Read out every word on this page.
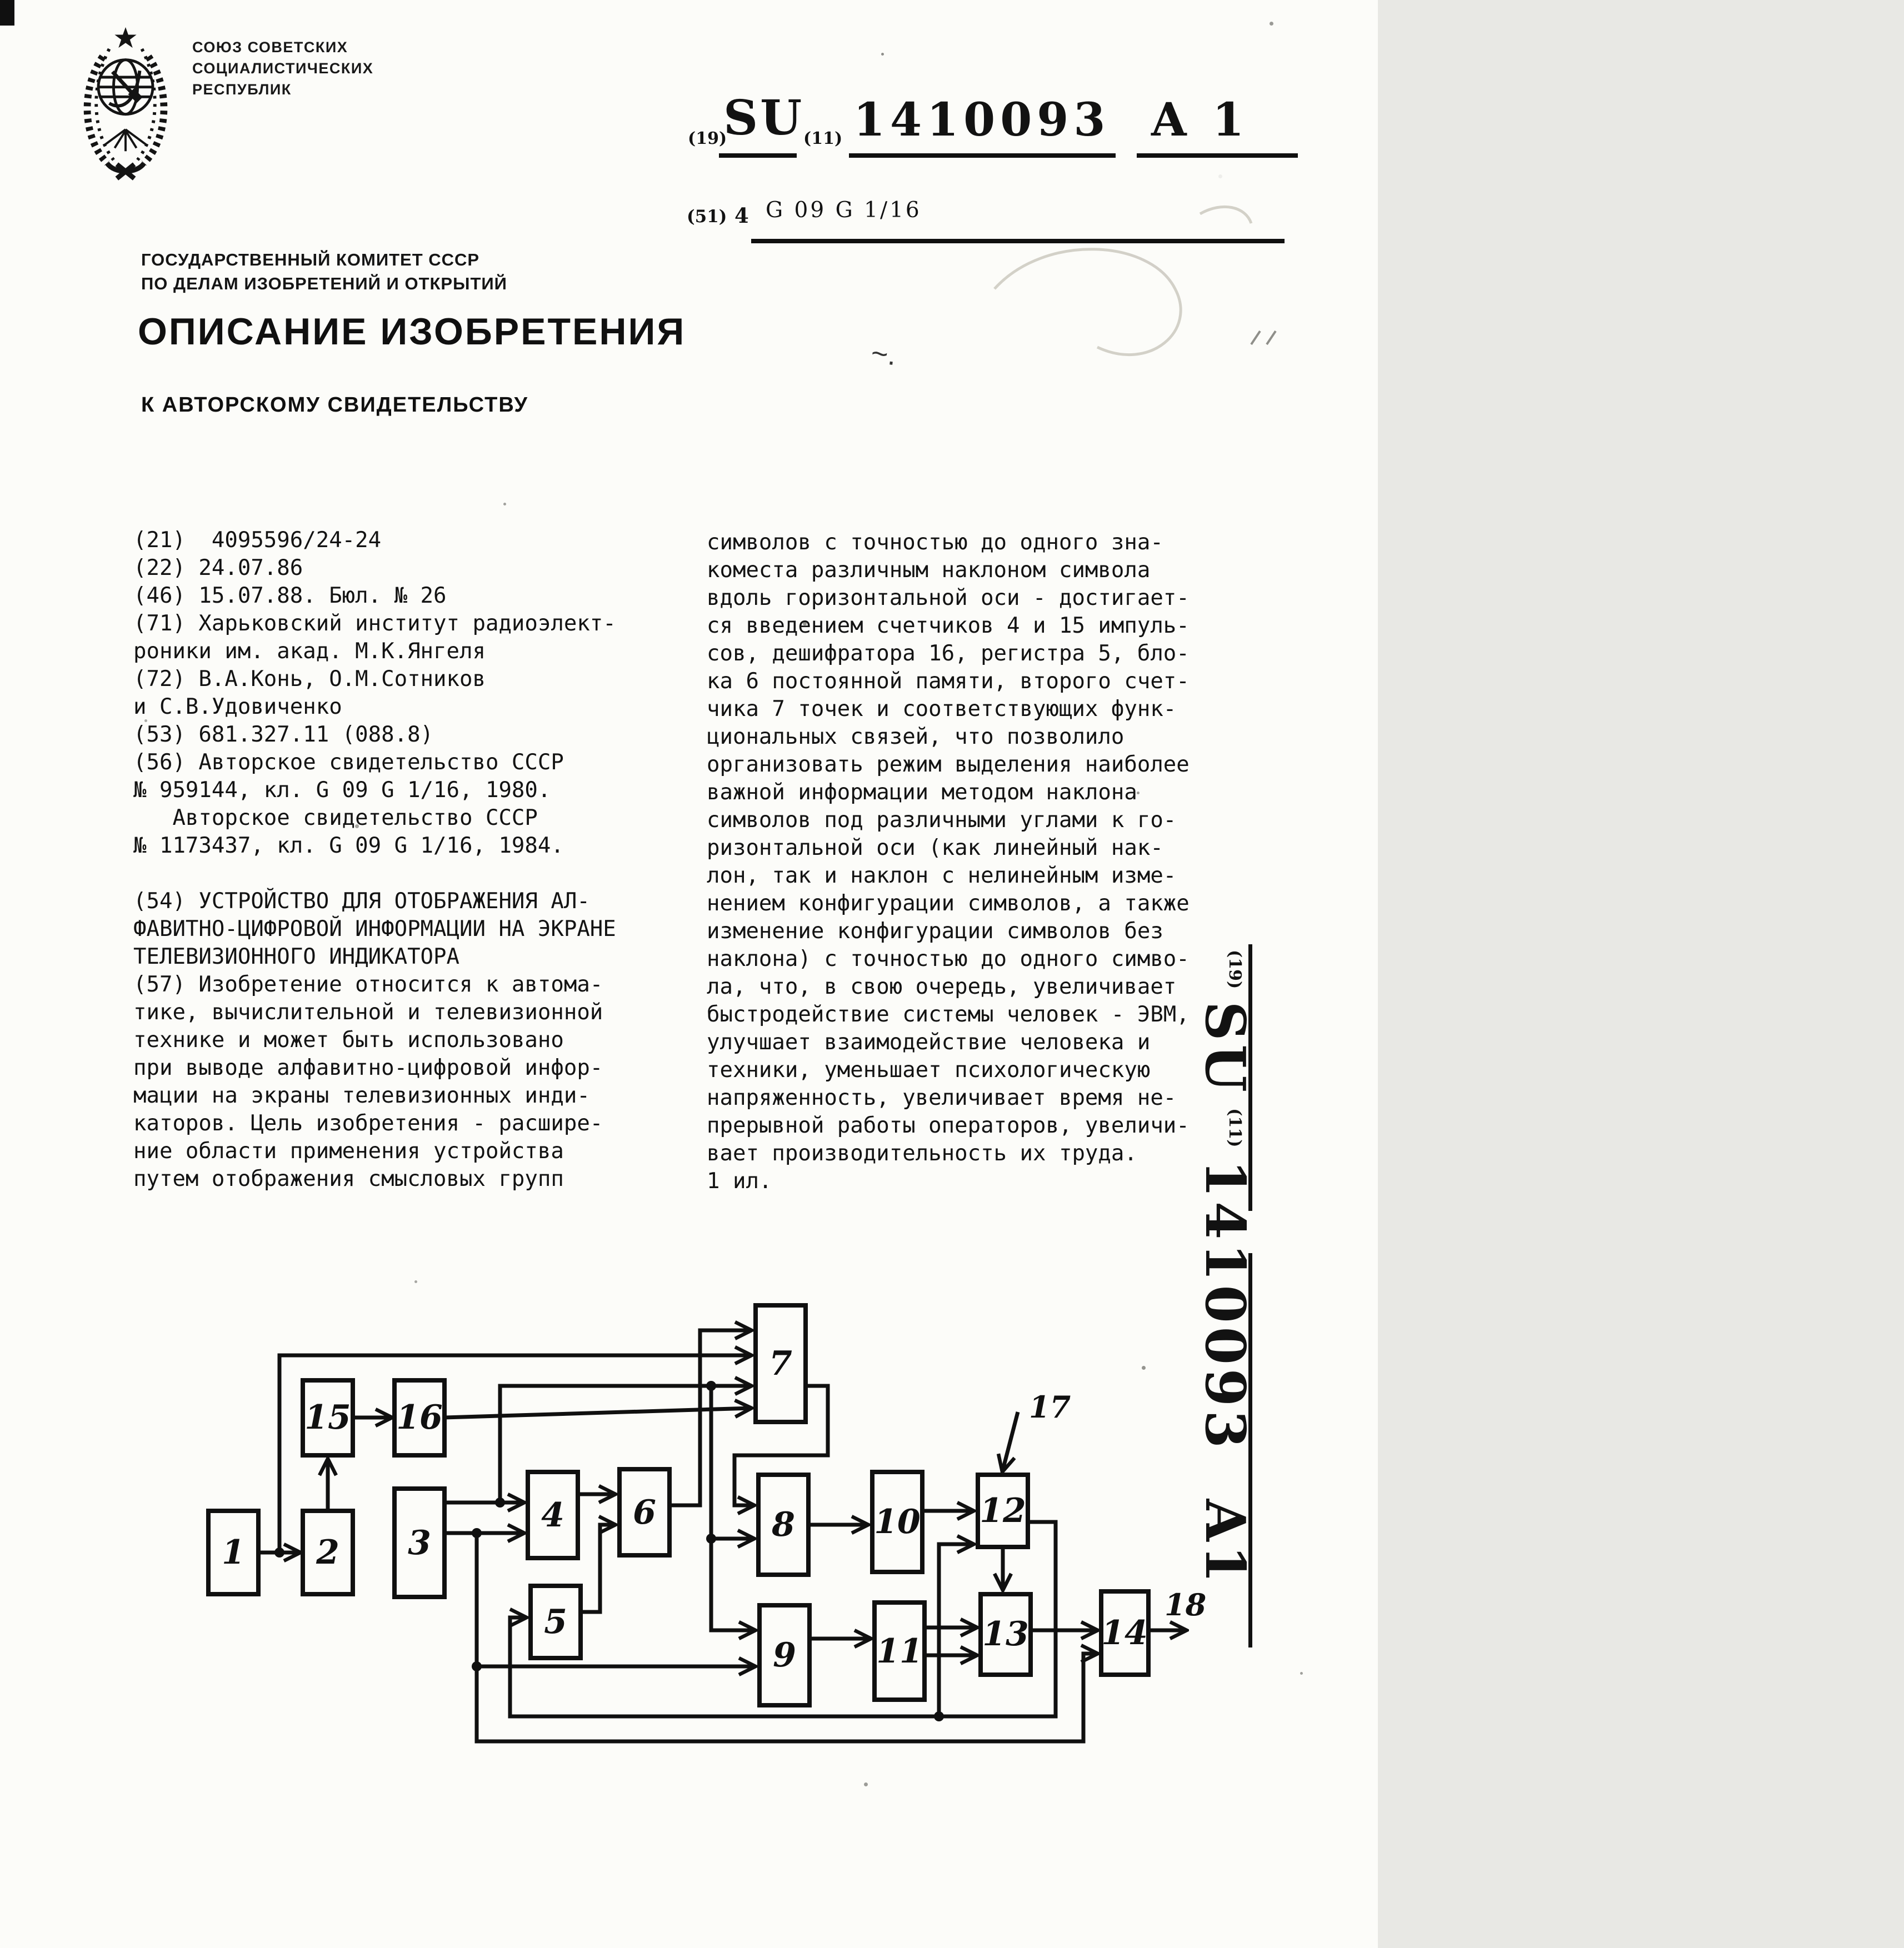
СОЮЗ СОВЕТСКИХ
СОЦИАЛИСТИЧЕСКИХ
РЕСПУБЛИК
(19)
SU
(11) 1410093 A 1
(51) 4 G 09 G 1/16
ГОСУДАРСТВЕННЫЙ КОМИТЕТ СССР
ПО ДЕЛАМ ИЗОБРЕТЕНИЙ И ОТКРЫТИЙ
ОПИСАНИЕ ИЗОБРЕТЕНИЯ
~.
К АВТОРСКОМУ СВИДЕТЕЛЬСТВУ
(21)  4095596/24-24
(22) 24.07.86
(46) 15.07.88. Бюл. № 26
(71) Харьковский институт радиоэлект-
роники им. акад. М.К.Янгеля
(72) В.А.Конь, О.М.Сотников
и С.В.Удовиченко
(53) 681.327.11 (088.8)
(56) Авторское свидетельство СССР
№ 959144, кл. G 09 G 1/16, 1980.
Авторское свидетельство СССР
№ 1173437, кл. G 09 G 1/16, 1984.

(54) УСТРОЙСТВО ДЛЯ ОТОБРАЖЕНИЯ АЛ-
ФАВИТНО-ЦИФРОВОЙ ИНФОРМАЦИИ НА ЭКРАНЕ
ТЕЛЕВИЗИОННОГО ИНДИКАТОРА
(57) Изобретение относится к автома-
тике, вычислительной и телевизионной
технике и может быть использовано
при выводе алфавитно-цифровой инфор-
мации на экраны телевизионных инди-
каторов. Цель изобретения - расшире-
ние области применения устройства
путем отображения смысловых групп
символов с точностью до одного зна-
коместа различным наклоном символа
вдоль горизонтальной оси - достигает-
ся введением счетчиков 4 и 15 импуль-
сов, дешифратора 16, регистра 5, бло-
ка 6 постоянной памяти, второго счет-
чика 7 точек и соответствующих функ-
циональных связей, что позволило
организовать режим выделения наиболее
важной информации методом наклона
символов под различными углами к го-
ризонтальной оси (как линейный нак-
лон, так и наклон с нелинейным изме-
нением конфигурации символов, а также
изменение конфигурации символов без
наклона) с точностью до одного симво-
ла, что, в свою очередь, увеличивает
быстродействие системы человек - ЭВМ,
улучшает взаимодействие человека и
техники, уменьшает психологическую
напряженность, увеличивает время не-
прерывной работы операторов, увеличи-
вает производительность их труда.
1 ил.
(19) SU (11) 1410093 A1
1 2 3
4
5
6
7
8
9
10
11
12
13 14
15 16	17
18
